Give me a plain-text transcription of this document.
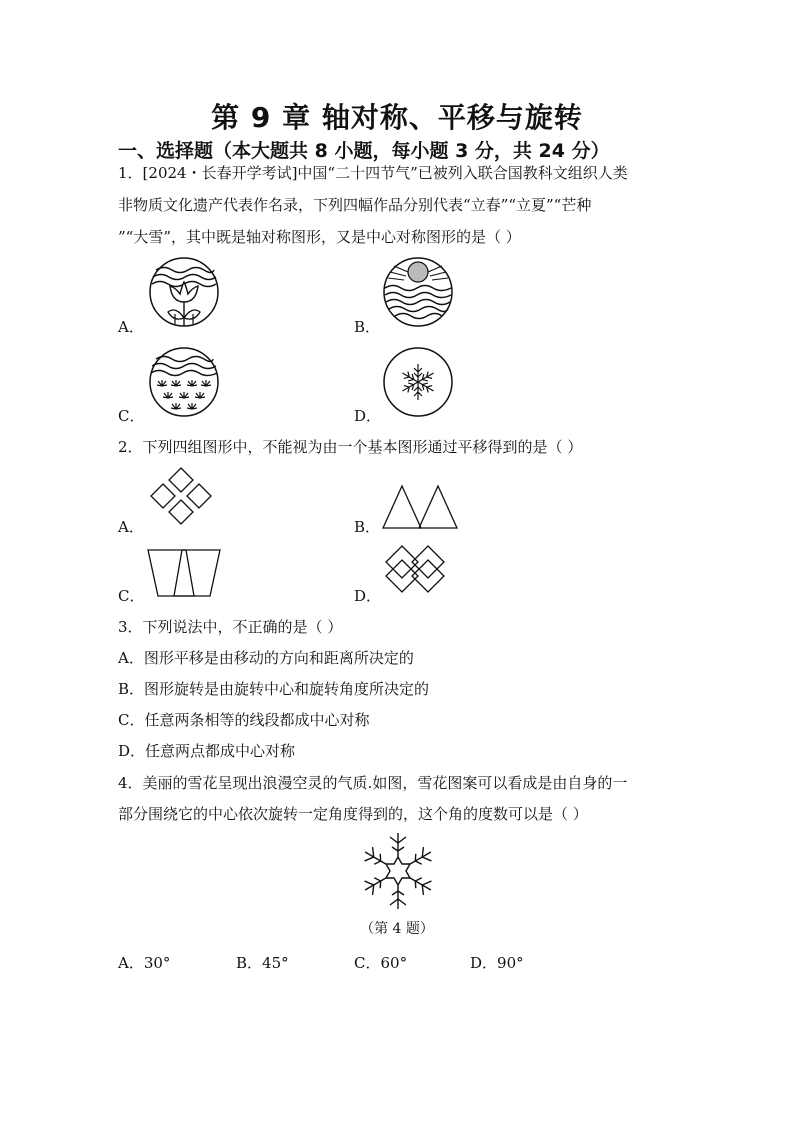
第 9 章 轴对称、平移与旋转
一、选择题（本大题共 8 小题，每小题 3 分，共 24 分）
1．[2024・长春开学考试]中国“二十四节气”已被列入联合国教科文组织人类
非物质文化遗产代表作名录，下列四幅作品分别代表“立春”“立夏”“芒种
”“大雪”，其中既是轴对称图形，又是中心对称图形的是（ ）
A．	B．
C．	D．
2．下列四组图形中，不能视为由一个基本图形通过平移得到的是（ ）
A．	B．
C．	D．
3．下列说法中，不正确的是（ ）
A．图形平移是由移动的方向和距离所决定的
B．图形旋转是由旋转中心和旋转角度所决定的
C．任意两条相等的线段都成中心对称
D．任意两点都成中心对称
4．美丽的雪花呈现出浪漫空灵的气质.如图，雪花图案可以看成是由自身的一
部分围绕它的中心依次旋转一定角度得到的，这个角的度数可以是（ ）
（第 4 题）
A．30°	B．45°	C．60°	D．90°
